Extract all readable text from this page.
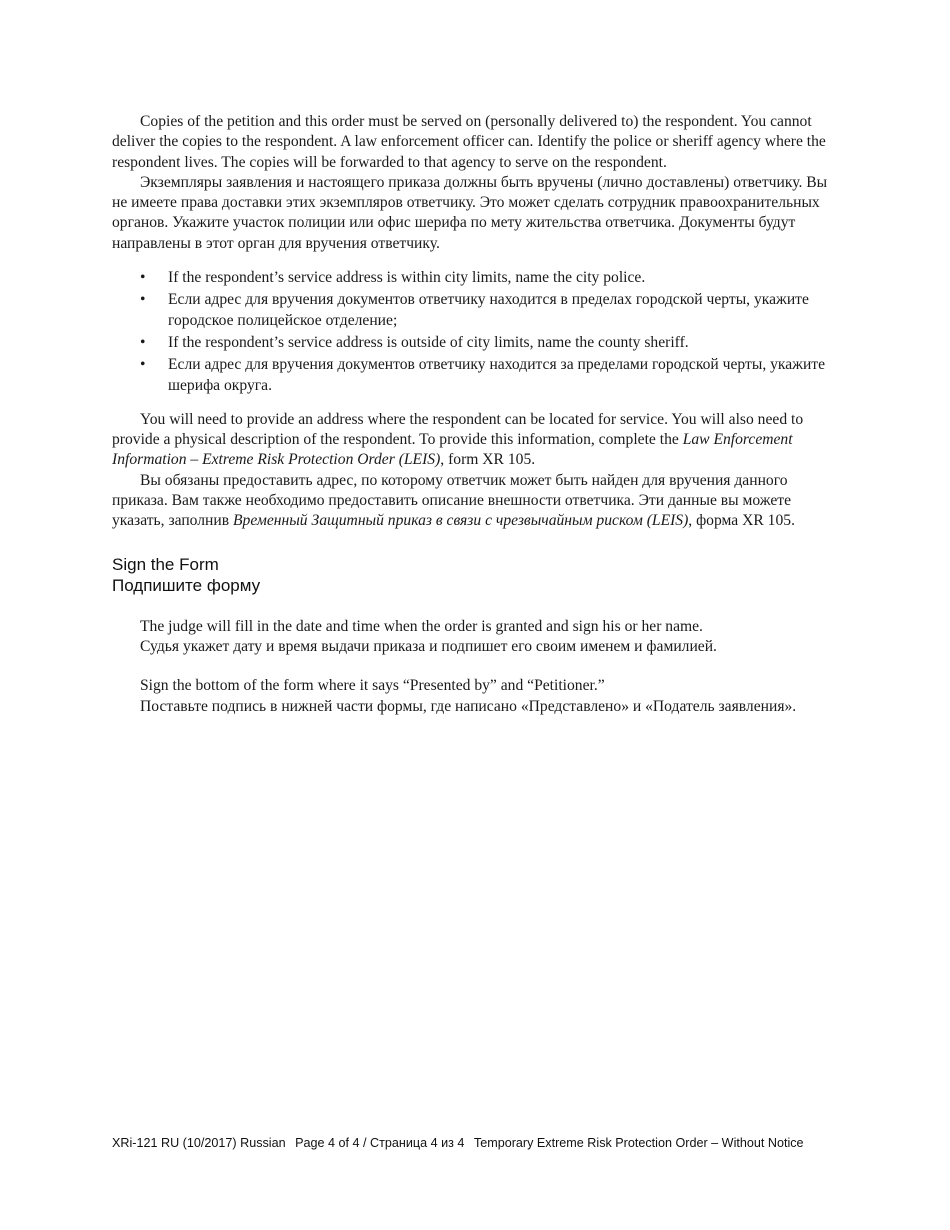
Copies of the petition and this order must be served on (personally delivered to) the respondent. You cannot deliver the copies to the respondent. A law enforcement officer can. Identify the police or sheriff agency where the respondent lives. The copies will be forwarded to that agency to serve on the respondent.

Экземпляры заявления и настоящего приказа должны быть вручены (лично доставлены) ответчику. Вы не имеете права доставки этих экземпляров ответчику. Это может сделать сотрудник правоохранительных органов. Укажите участок полиции или офис шерифа по мету жительства ответчика. Документы будут направлены в этот орган для вручения ответчику.

• If the respondent’s service address is within city limits, name the city police.
• Если адрес для вручения документов ответчику находится в пределах городской черты, укажите городское полицейское отделение;
• If the respondent’s service address is outside of city limits, name the county sheriff.
• Если адрес для вручения документов ответчику находится за пределами городской черты, укажите шерифа округа.

You will need to provide an address where the respondent can be located for service. You will also need to provide a physical description of the respondent. To provide this information, complete the Law Enforcement Information – Extreme Risk Protection Order (LEIS), form XR 105.

Вы обязаны предоставить адрес, по которому ответчик может быть найден для вручения данного приказа. Вам также необходимо предоставить описание внешности ответчика. Эти данные вы можете указать, заполнив Временный Защитный приказ в связи с чрезвычайным риском (LEIS), форма XR 105.

Sign the Form
Подпишите форму
The judge will fill in the date and time when the order is granted and sign his or her name.
Судья укажет дату и время выдачи приказа и подпишет его своим именем и фамилией.
Sign the bottom of the form where it says “Presented by” and “Petitioner.”
Поставьте подпись в нижней части формы, где написано «Представлено» и «Податель заявления».
XRi-121 RU (10/2017) Russian Page 4 of 4 / Страница 4 из 4 Temporary Extreme Risk Protection Order – Without Notice
